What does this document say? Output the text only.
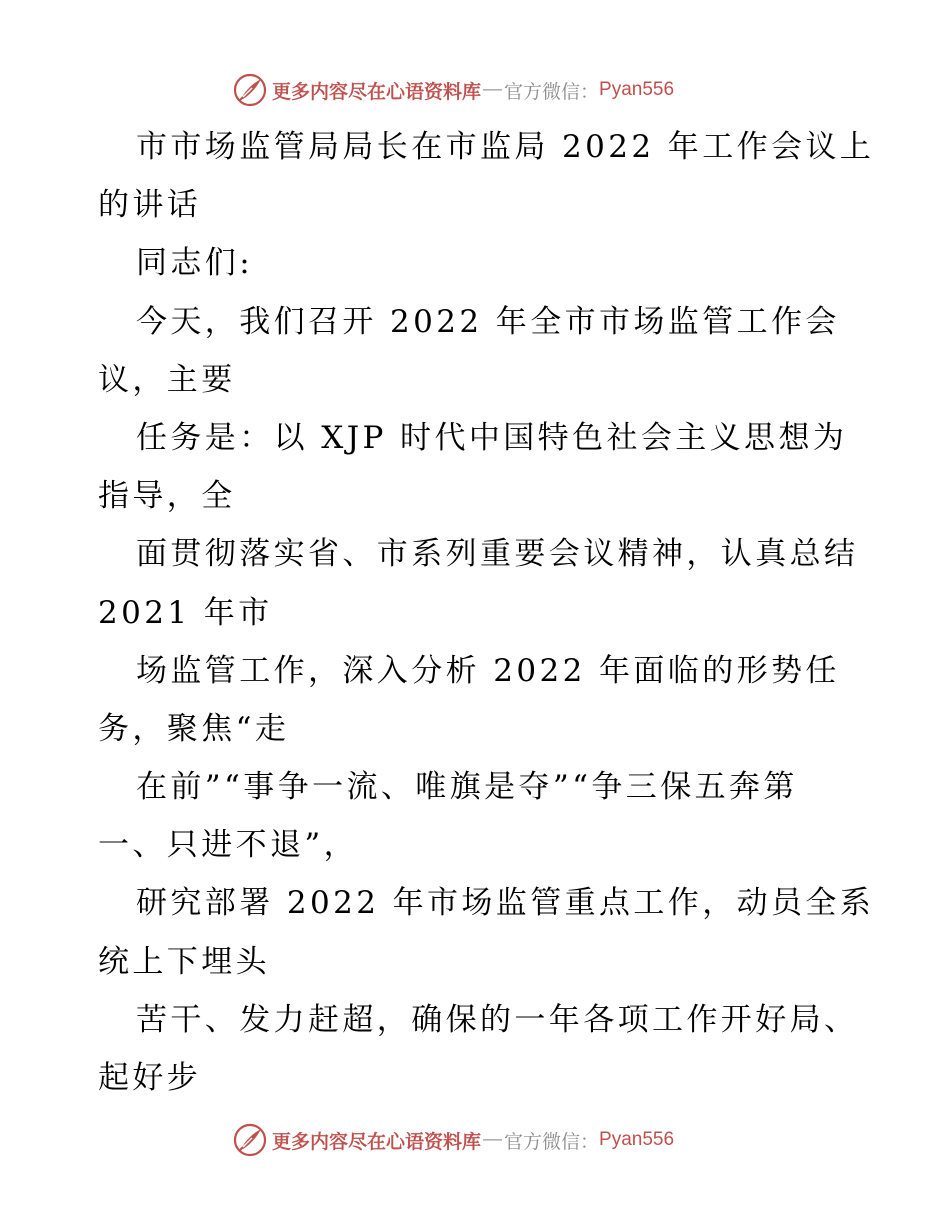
更多内容尽在心语资料库 — 官方微信： Pyan556
市市场监管局局长在市监局 2022 年工作会议上
的讲话
同志们:
今天，我们召开 2022 年全市市场监管工作会
议，主要
任务是：以 XJP 时代中国特色社会主义思想为
指导，全
面贯彻落实省、市系列重要会议精神，认真总结
2021 年市
场监管工作，深入分析 2022 年面临的形势任
务，聚焦“走
在前”“事争一流、唯旗是夺”“争三保五奔第
一、只进不退”，
研究部署 2022 年市场监管重点工作，动员全系
统上下埋头
苦干、发力赶超，确保的一年各项工作开好局、
起好步
更多内容尽在心语资料库 — 官方微信： Pyan556
